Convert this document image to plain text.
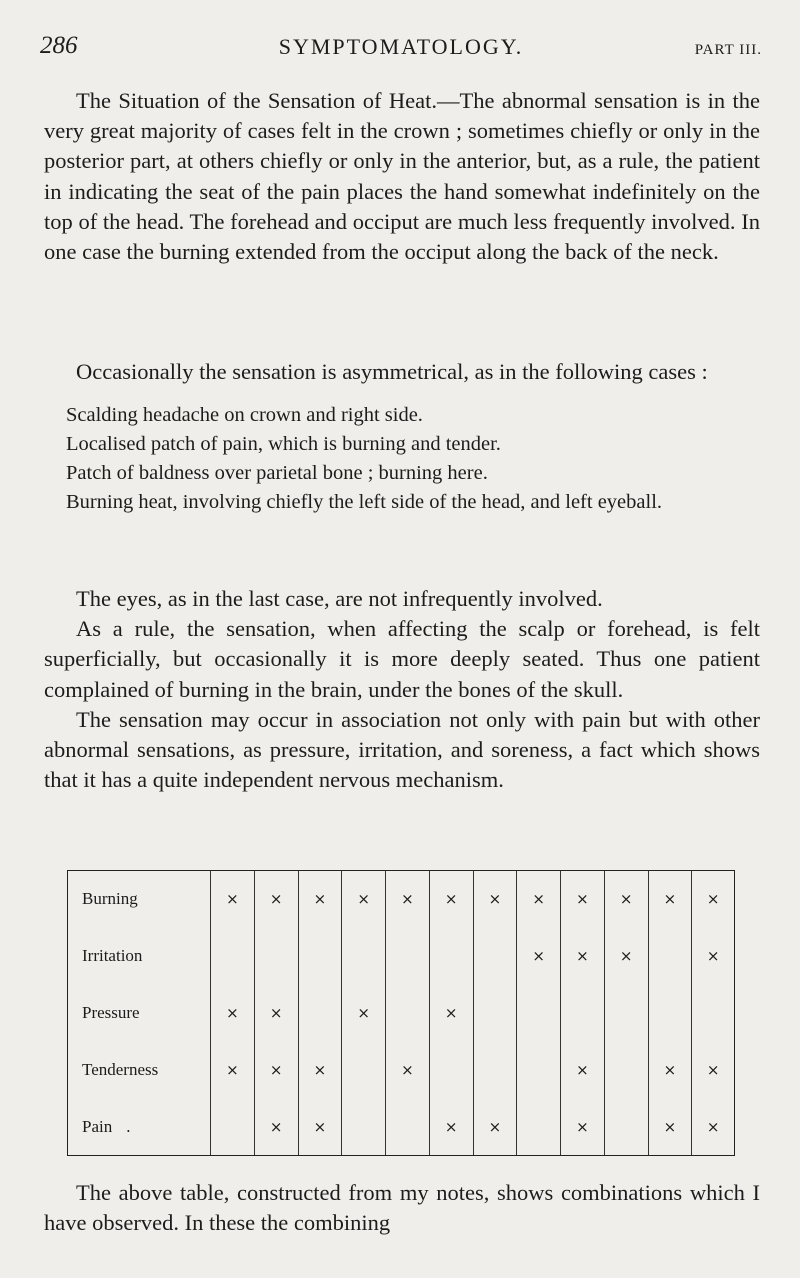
286	SYMPTOMATOLOGY.	PART III.

The Situation of the Sensation of Heat.—The abnormal sensation is in the very great majority of cases felt in the crown ; sometimes chiefly or only in the posterior part, at others chiefly or only in the anterior, but, as a rule, the patient in indicating the seat of the pain places the hand somewhat indefinitely on the top of the head. The forehead and occiput are much less frequently involved. In one case the burning extended from the occiput along the back of the neck.

Occasionally the sensation is asymmetrical, as in the following cases :

Scalding headache on crown and right side.
Localised patch of pain, which is burning and tender.
Patch of baldness over parietal bone ; burning here.
Burning heat, involving chiefly the left side of the head, and left eyeball.

The eyes, as in the last case, are not infrequently involved.

As a rule, the sensation, when affecting the scalp or forehead, is felt superficially, but occasionally it is more deeply seated. Thus one patient complained of burning in the brain, under the bones of the skull.

The sensation may occur in association not only with pain but with other abnormal sensations, as pressure, irritation, and soreness, a fact which shows that it has a quite independent nervous mechanism.

Burning	×	×	×	×	×	×	×	×	×	×	×	×
Irritation								×	×	×		×
Pressure	×	×		×		×						
Tenderness	×	×	×		×				×		×	×
Pain .		×	×			×	×		×		×	×

The above table, constructed from my notes, shows combinations which I have observed. In these the combining
